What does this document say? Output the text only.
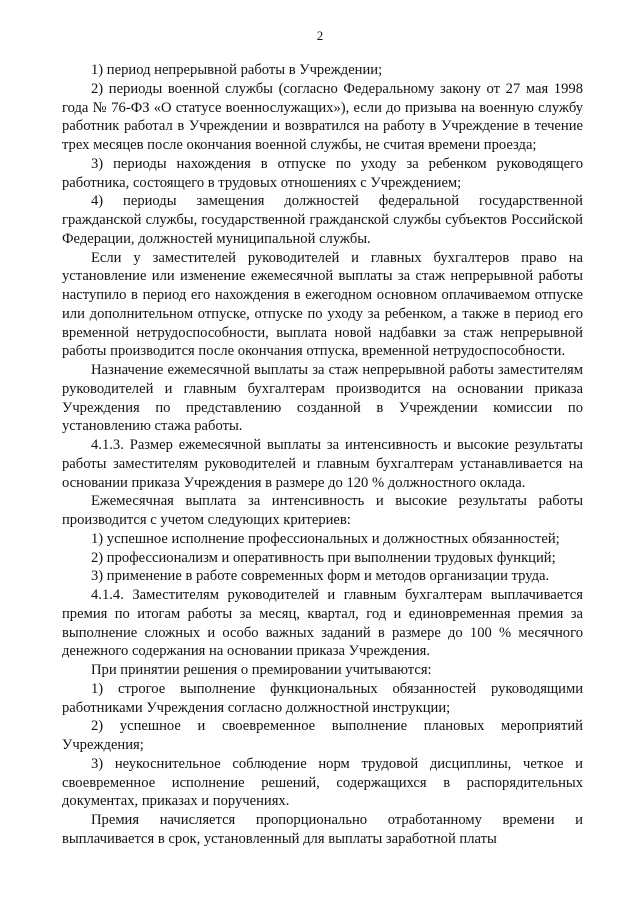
2

1) период непрерывной работы в Учреждении;

2) периоды военной службы (согласно Федеральному закону от 27 мая 1998 года № 76-ФЗ «О статусе военнослужащих»), если до призыва на военную службу работник работал в Учреждении и возвратился на работу в Учреждение в течение трех месяцев после окончания военной службы, не считая времени проезда;

3) периоды нахождения в отпуске по уходу за ребенком руководящего работника, состоящего в трудовых отношениях с Учреждением;

4) периоды замещения должностей федеральной государственной гражданской службы, государственной гражданской службы субъектов Российской Федерации, должностей муниципальной службы.

Если у заместителей руководителей и главных бухгалтеров право на установление или изменение ежемесячной выплаты за стаж непрерывной работы наступило в период его нахождения в ежегодном основном оплачиваемом отпуске или дополнительном отпуске, отпуске по уходу за ребенком, а также в период его временной нетрудоспособности, выплата новой надбавки за стаж непрерывной работы производится после окончания отпуска, временной нетрудоспособности.

Назначение ежемесячной выплаты за стаж непрерывной работы заместителям руководителей и главным бухгалтерам производится на основании приказа Учреждения по представлению созданной в Учреждении комиссии по установлению стажа работы.

4.1.3. Размер ежемесячной выплаты за интенсивность и высокие результаты работы заместителям руководителей и главным бухгалтерам устанавливается на основании приказа Учреждения в размере до 120 % должностного оклада.

Ежемесячная выплата за интенсивность и высокие результаты работы производится с учетом следующих критериев:

1) успешное исполнение профессиональных и должностных обязанностей;

2) профессионализм и оперативность при выполнении трудовых функций;

3) применение в работе современных форм и методов организации труда.

4.1.4. Заместителям руководителей и главным бухгалтерам выплачивается премия по итогам работы за месяц, квартал, год и единовременная премия за выполнение сложных и особо важных заданий в размере до 100 % месячного денежного содержания на основании приказа Учреждения.

При принятии решения о премировании учитываются:

1) строгое выполнение функциональных обязанностей руководящими работниками Учреждения согласно должностной инструкции;

2) успешное и своевременное выполнение плановых мероприятий Учреждения;

3) неукоснительное соблюдение норм трудовой дисциплины, четкое и своевременное исполнение решений, содержащихся в распорядительных документах, приказах и поручениях.

Премия начисляется пропорционально отработанному времени и выплачивается в срок, установленный для выплаты заработной платы
